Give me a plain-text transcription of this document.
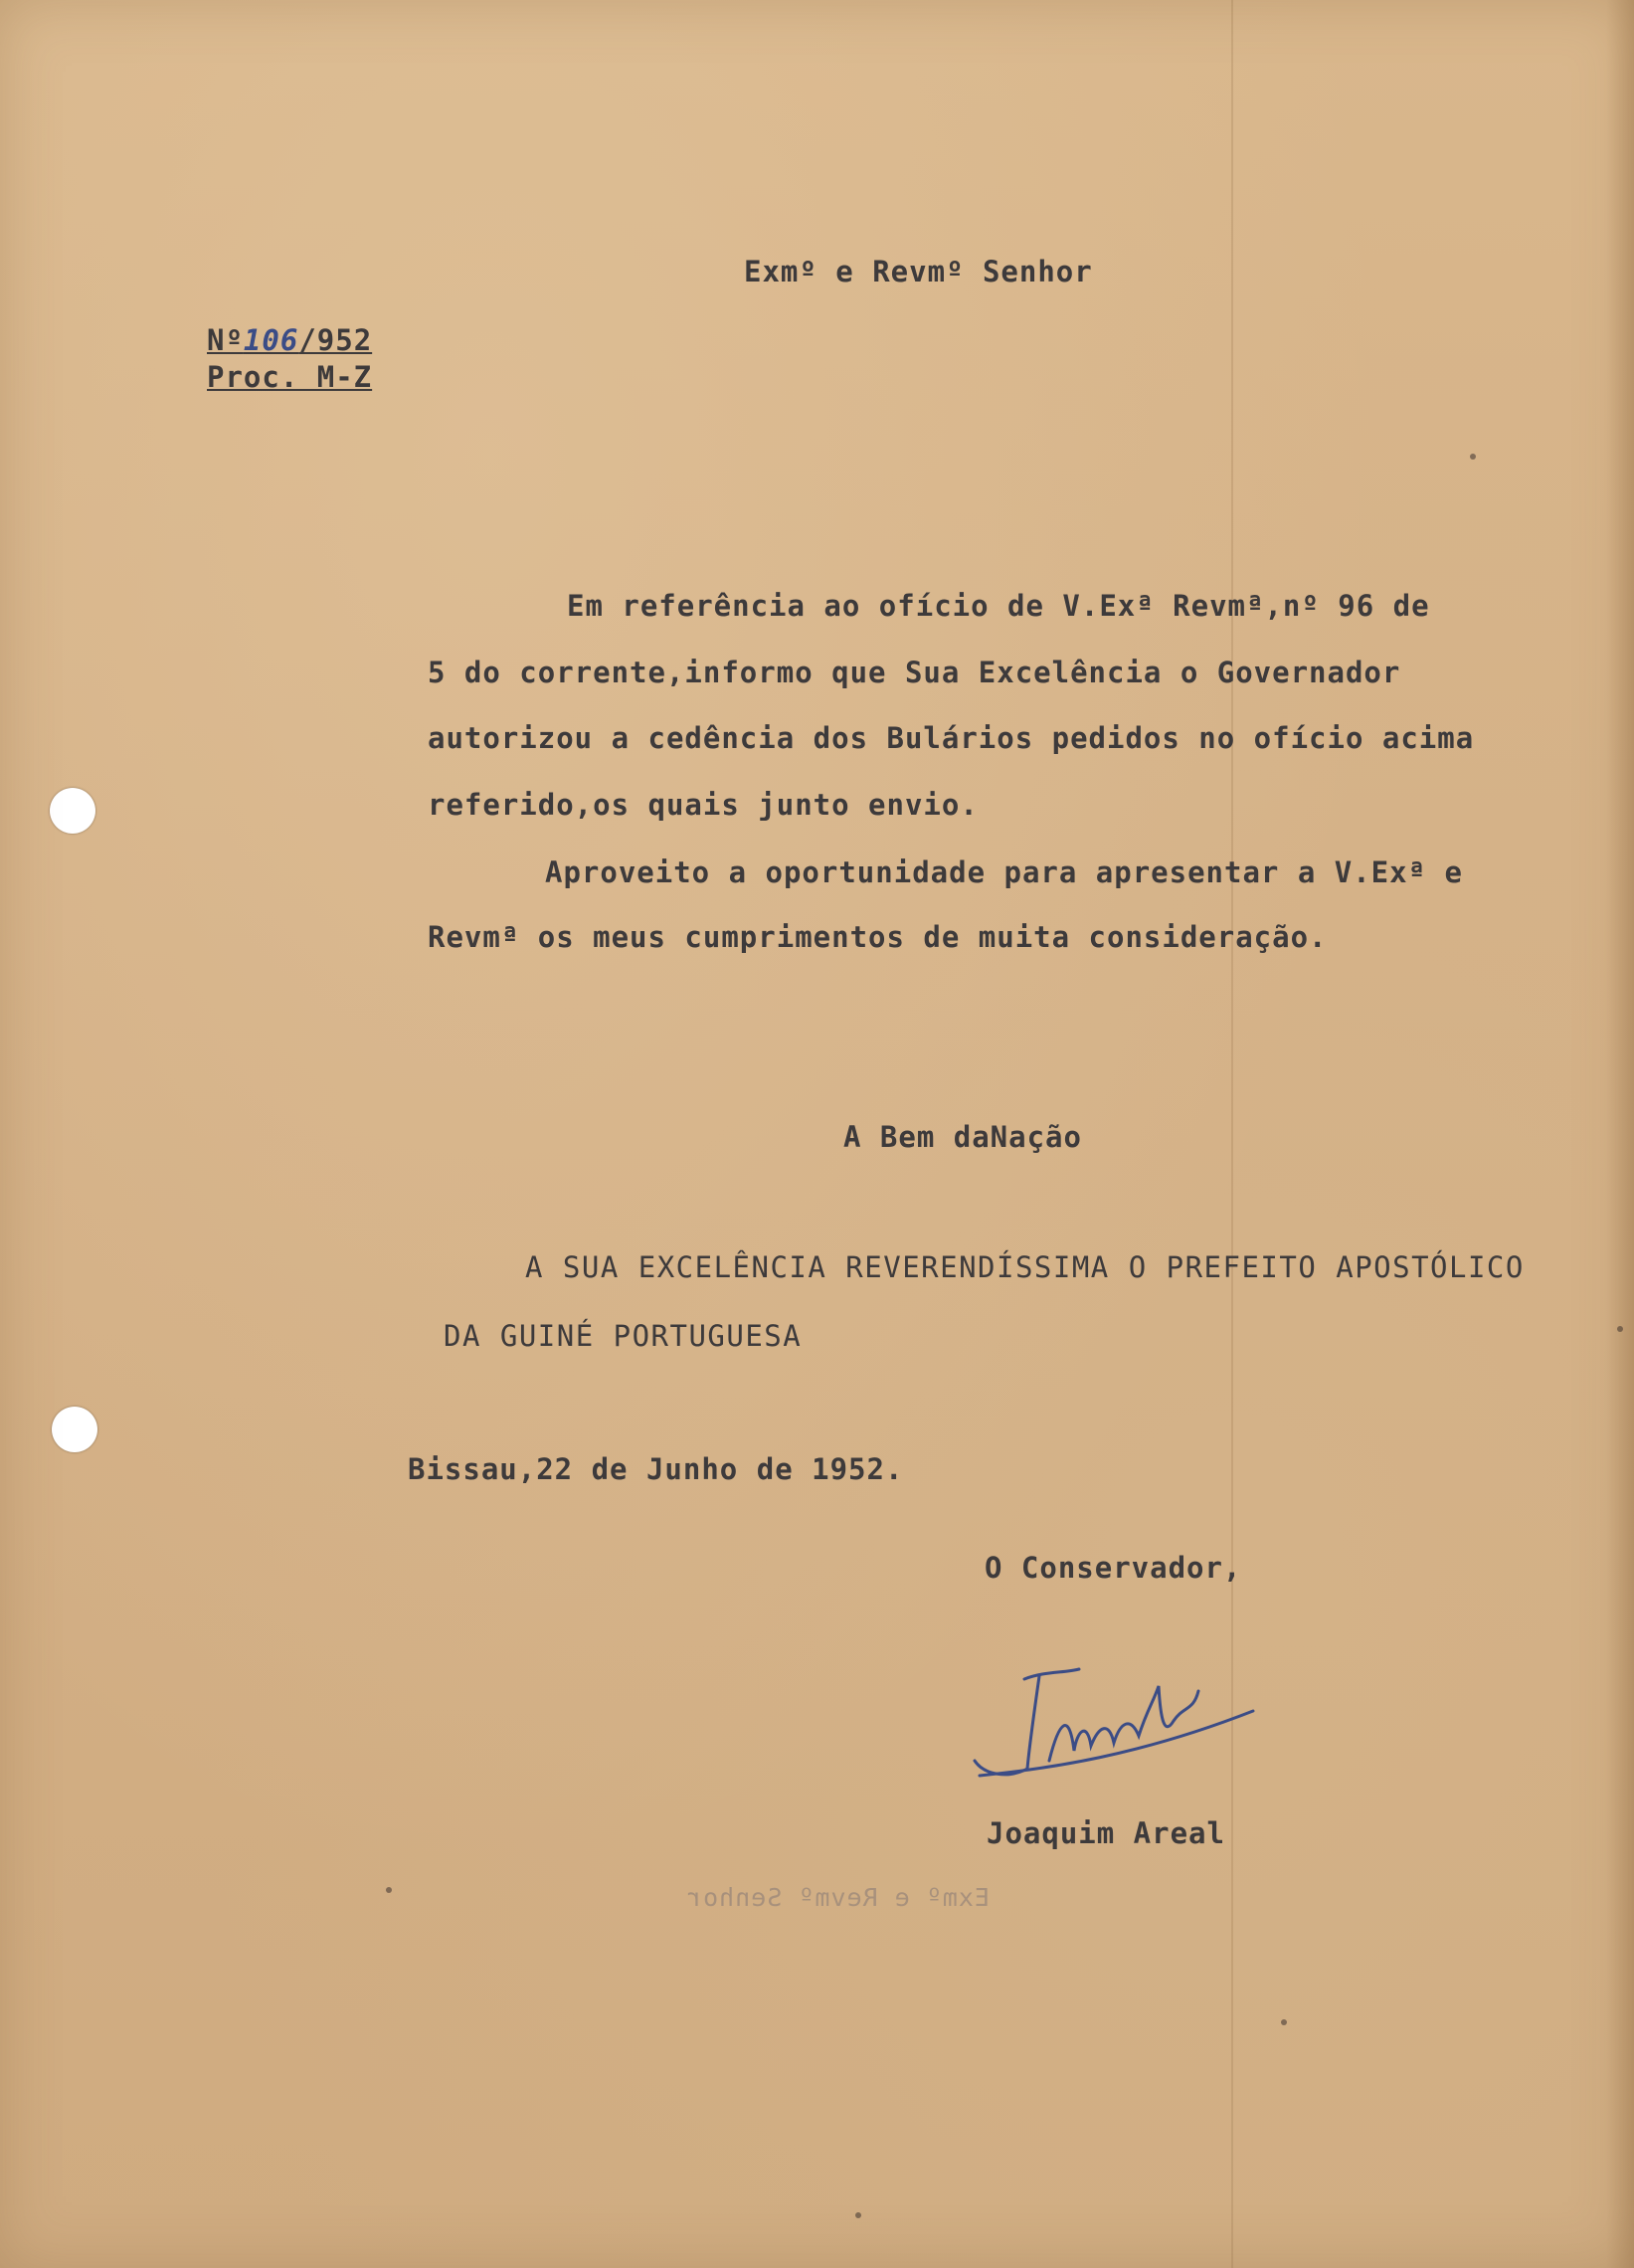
Exmº e Revmº Senhor
Nº106/952
Proc. M-Z
Em referência ao ofício de V.Exª Revmª,nº 96 de
5 do corrente,informo que Sua Excelência o Governador
autorizou a cedência dos Bulários pedidos no ofício acima
referido,os quais junto envio.
Aproveito a oportunidade para apresentar a V.Exª e
Revmª os meus cumprimentos de muita consideração.
A Bem daNação
A SUA EXCELÊNCIA REVERENDÍSSIMA O PREFEITO APOSTÓLICO
DA GUINÉ PORTUGUESA
Bissau,22 de Junho de 1952.
O Conservador,
Joaquim Areal
Exmº e Revmº Senhor
